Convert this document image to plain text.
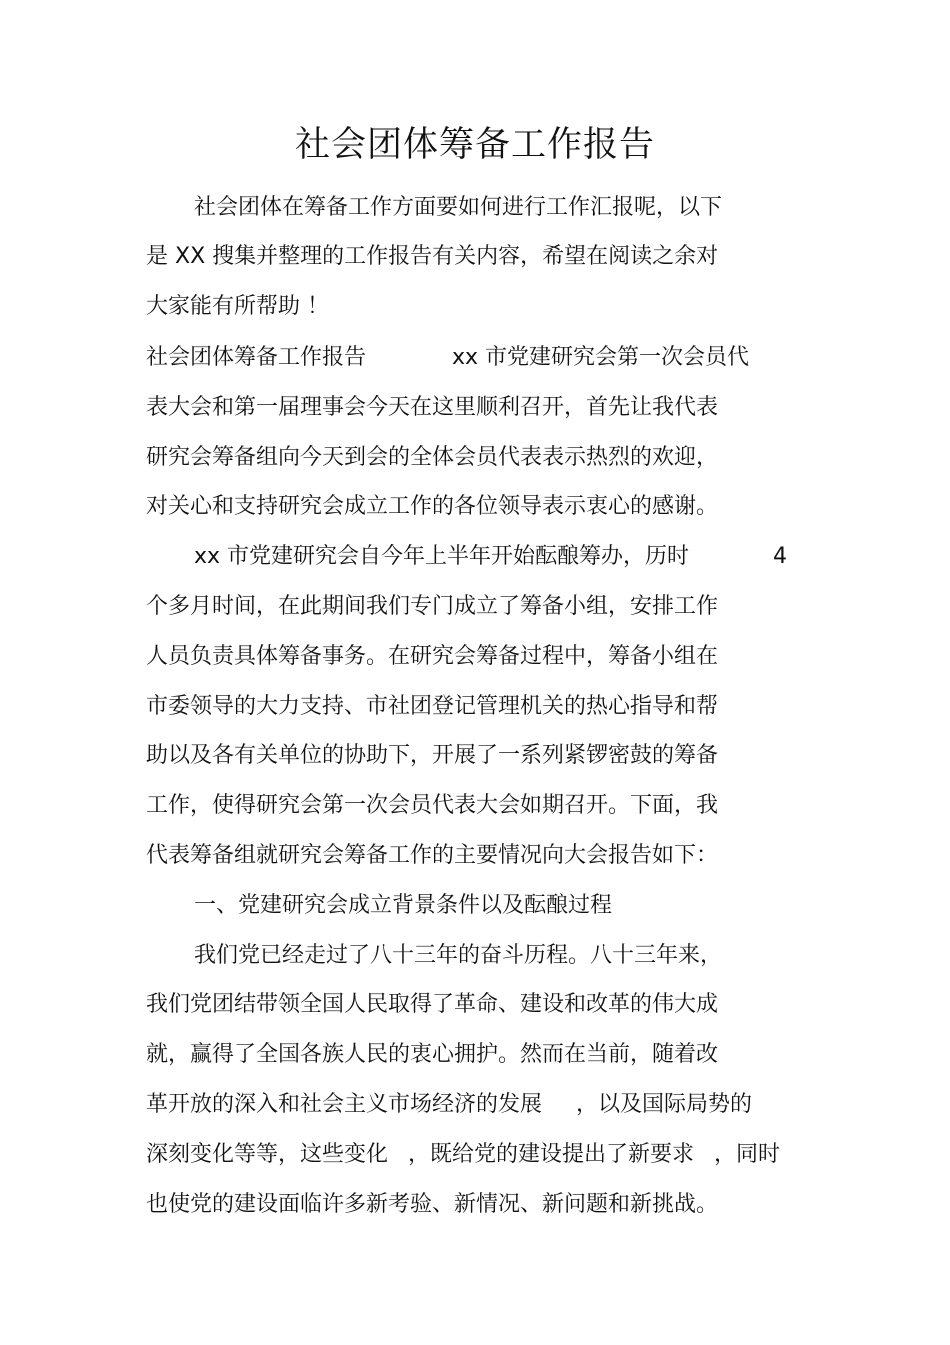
社会团体筹备工作报告
社会团体在筹备工作方面要如何进行工作汇报呢，以下
是 XX 搜集并整理的工作报告有关内容，希望在阅读之余对
大家能有所帮助 ！
社会团体筹备工作报告	xx 市党建研究会第一次会员代
表大会和第一届理事会今天在这里顺利召开，首先让我代表
研究会筹备组向今天到会的全体会员代表表示热烈的欢迎，
对关心和支持研究会成立工作的各位领导表示衷心的感谢。
xx 市党建研究会自今年上半年开始酝酿筹办，历时	4
个多月时间，在此期间我们专门成立了筹备小组，安排工作
人员负责具体筹备事务。在研究会筹备过程中，筹备小组在
市委领导的大力支持、市社团登记管理机关的热心指导和帮
助以及各有关单位的协助下，开展了一系列紧锣密鼓的筹备
工作，使得研究会第一次会员代表大会如期召开。下面，我
代表筹备组就研究会筹备工作的主要情况向大会报告如下：
一、党建研究会成立背景条件以及酝酿过程
我们党已经走过了八十三年的奋斗历程。八十三年来，
我们党团结带领全国人民取得了革命、建设和改革的伟大成
就，赢得了全国各族人民的衷心拥护。然而在当前，随着改
革开放的深入和社会主义市场经济的发展 ，以及国际局势的
深刻变化等等，这些变化 ，既给党的建设提出了新要求 ，同时
也使党的建设面临许多新考验、新情况、新问题和新挑战。
